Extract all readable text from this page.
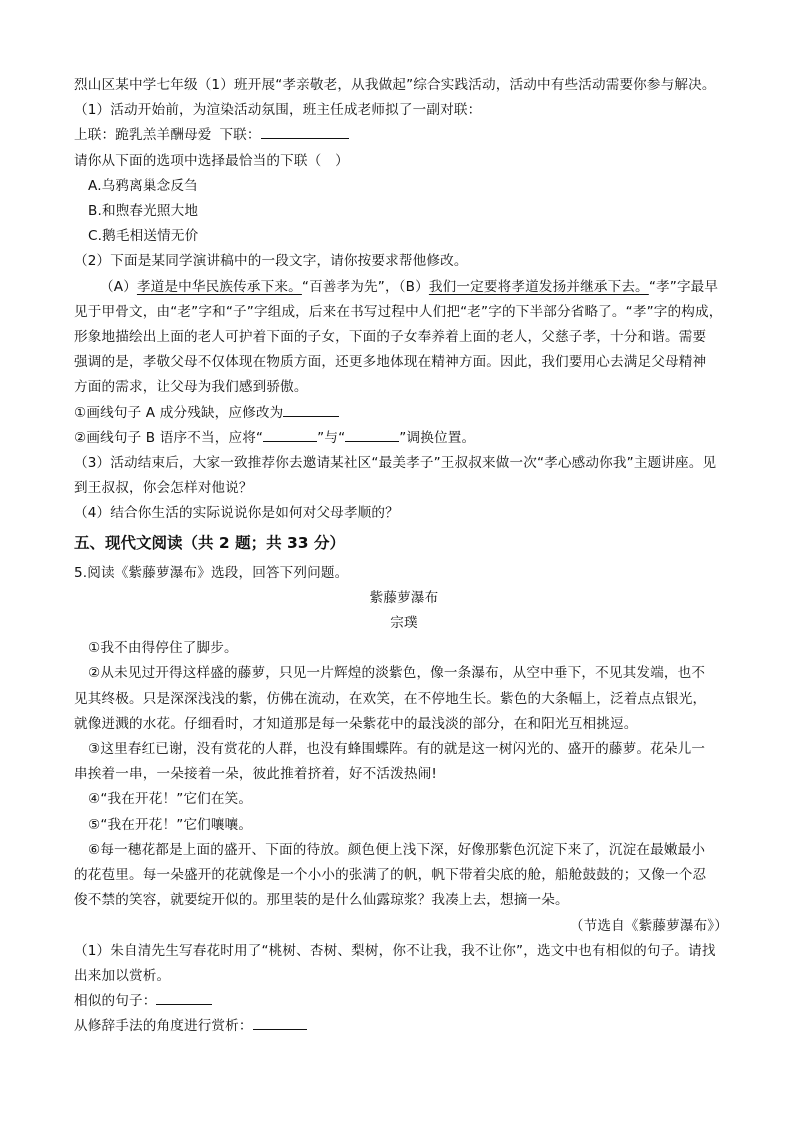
烈山区某中学七年级（1）班开展“孝亲敬老，从我做起”综合实践活动，活动中有些活动需要你参与解决。
（1）活动开始前，为渲染活动氛围，班主任成老师拟了一副对联：
上联：跪乳羔羊酬母爱 下联：
请你从下面的选项中选择最恰当的下联（　）
A.乌鸦离巢念反刍
B.和煦春光照大地
C.鹅毛相送情无价
（2）下面是某同学演讲稿中的一段文字，请你按要求帮他修改。
（A）孝道是中华民族传承下来。“百善孝为先”，（B）我们一定要将孝道发扬并继承下去。“孝”字最早
见于甲骨文，由“老”字和“子”字组成，后来在书写过程中人们把“老”字的下半部分省略了。“孝”字的构成，
形象地描绘出上面的老人可护着下面的子女，下面的子女奉养着上面的老人，父慈子孝，十分和谐。需要
强调的是，孝敬父母不仅体现在物质方面，还更多地体现在精神方面。因此，我们要用心去满足父母精神
方面的需求，让父母为我们感到骄傲。
①画线句子 A 成分残缺，应修改为
②画线句子 B 语序不当，应将“	”与“	”调换位置。
（3）活动结束后，大家一致推荐你去邀请某社区“最美孝子”王叔叔来做一次“孝心感动你我”主题讲座。见
到王叔叔，你会怎样对他说？
（4）结合你生活的实际说说你是如何对父母孝顺的？
五、现代文阅读（共 2 题；共 33 分）
5.阅读《紫藤萝瀑布》选段，回答下列问题。
紫藤萝瀑布
宗璞
①我不由得停住了脚步。
②从未见过开得这样盛的藤萝，只见一片辉煌的淡紫色，像一条瀑布，从空中垂下，不见其发端，也不
见其终极。只是深深浅浅的紫，仿佛在流动，在欢笑，在不停地生长。紫色的大条幅上，泛着点点银光，
就像迸溅的水花。仔细看时，才知道那是每一朵紫花中的最浅淡的部分，在和阳光互相挑逗。
③这里春红已谢，没有赏花的人群，也没有蜂围蝶阵。有的就是这一树闪光的、盛开的藤萝。花朵儿一
串挨着一串，一朵接着一朵，彼此推着挤着，好不活泼热闹!
④“我在开花！”它们在笑。
⑤“我在开花！”它们嚷嚷。
⑥每一穗花都是上面的盛开、下面的待放。颜色便上浅下深，好像那紫色沉淀下来了，沉淀在最嫩最小
的花苞里。每一朵盛开的花就像是一个小小的张满了的帆，帆下带着尖底的舱，船舱鼓鼓的；又像一个忍
俊不禁的笑容，就要绽开似的。那里装的是什么仙露琼浆？我凑上去，想摘一朵。
（节选自《紫藤萝瀑布》）
（1）朱自清先生写春花时用了“桃树、杏树、梨树，你不让我，我不让你”，选文中也有相似的句子。请找
出来加以赏析。
相似的句子：
从修辞手法的角度进行赏析：
